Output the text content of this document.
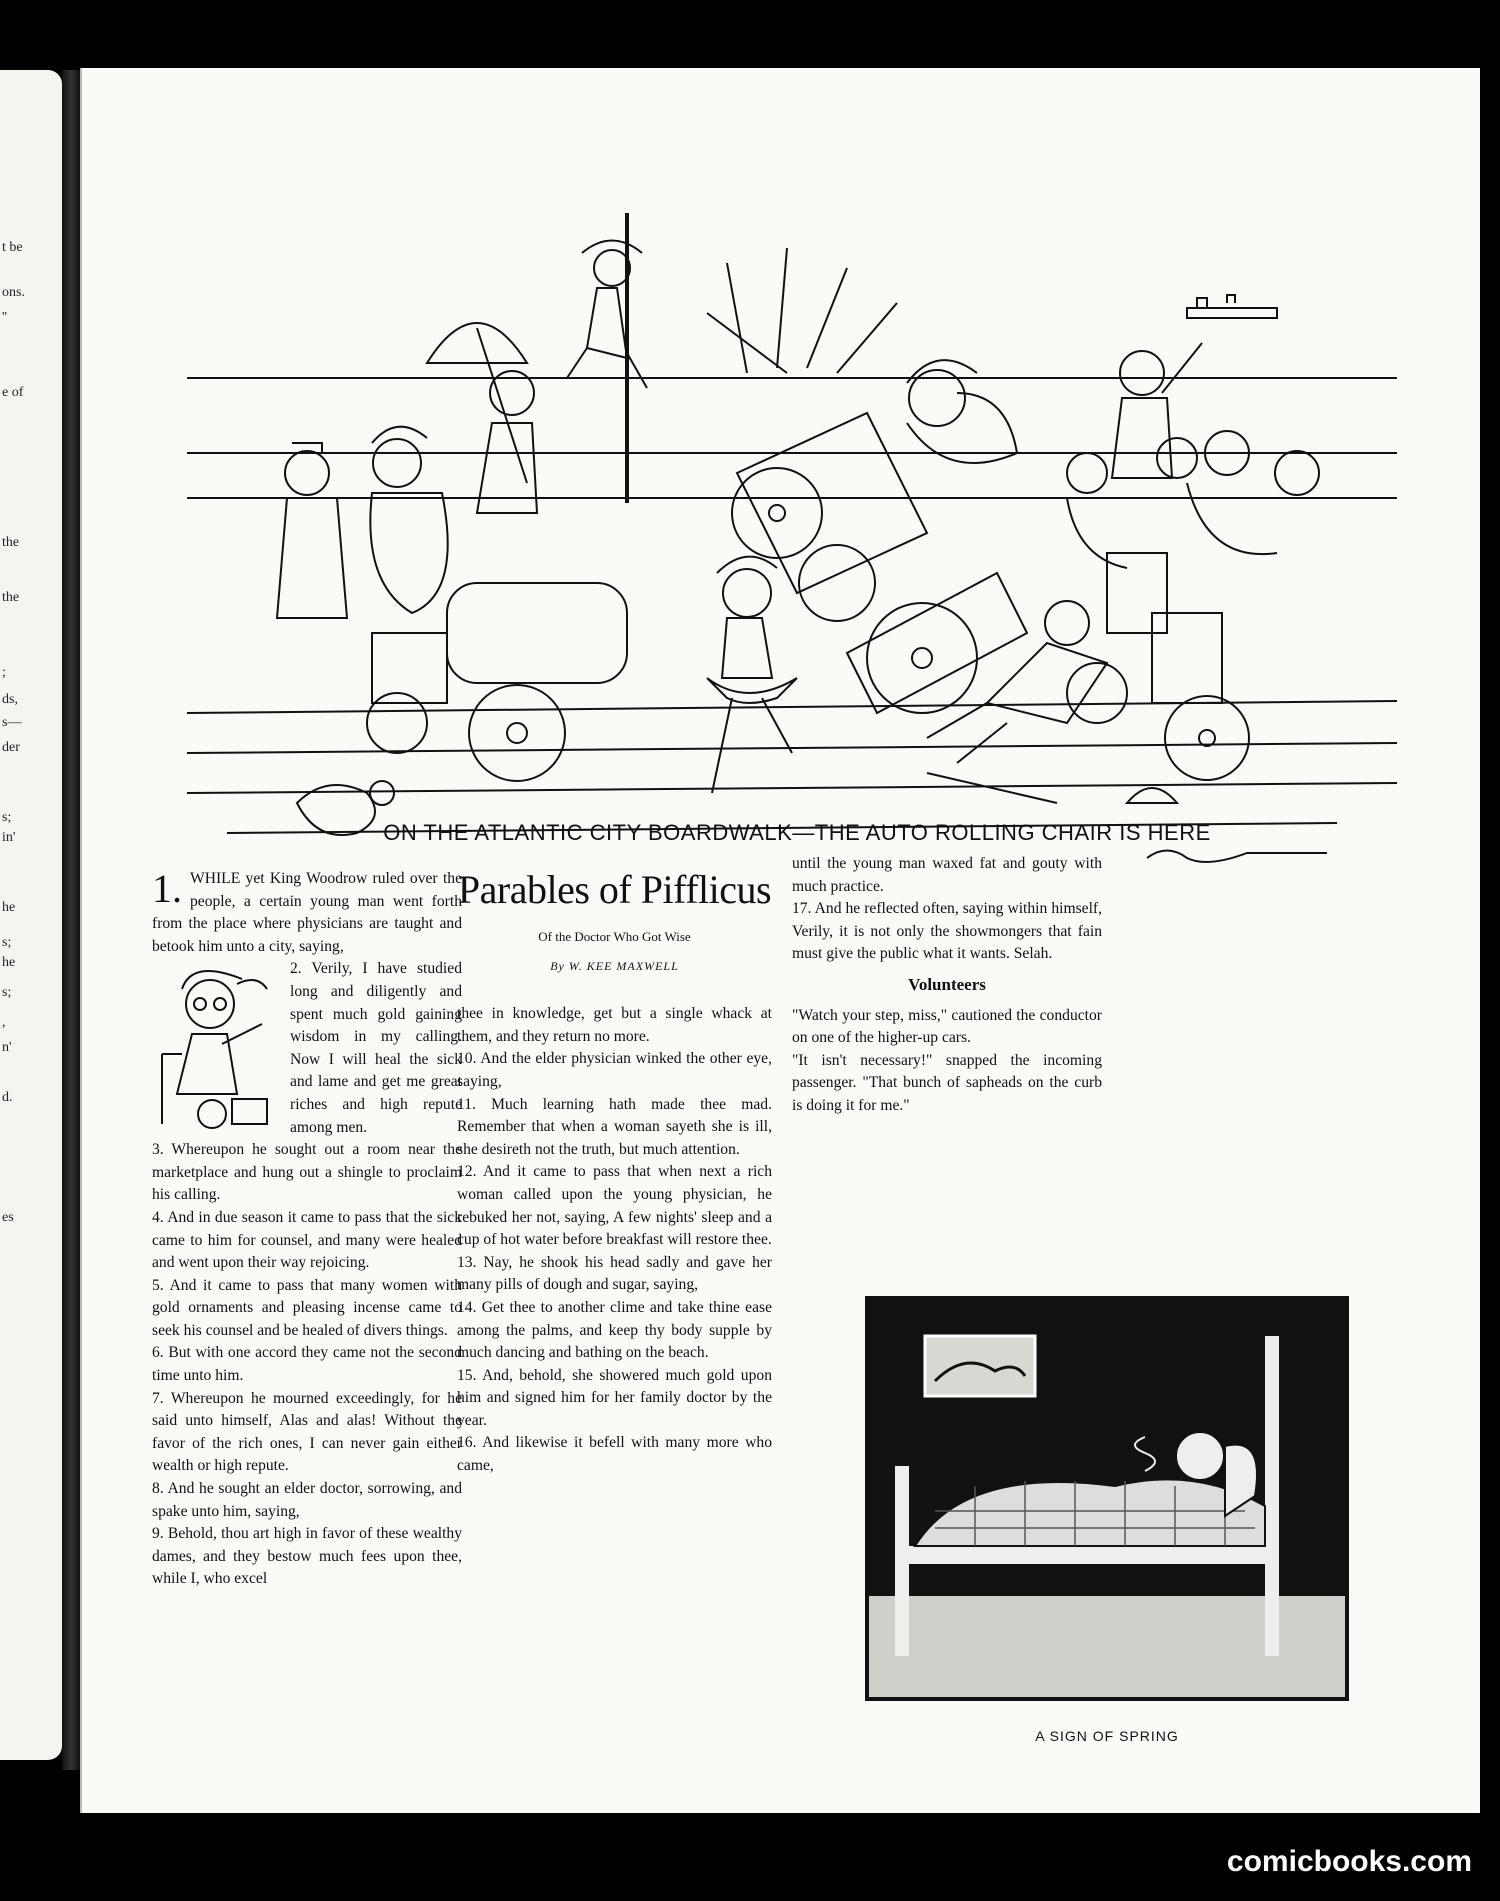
t be
ons.
''
e of
the
the
;
ds,
s—
der
s;
in'
he
s;
he
s;
,
n'
d.
es
ON THE ATLANTIC CITY BOARDWALK—THE AUTO ROLLING CHAIR IS HERE

1. WHILE yet King Woodrow ruled over the people, a certain young man went forth from the place where physicians are taught and betook him unto a city, saying,

2. Verily, I have studied long and diligently and spent much gold gaining wisdom in my calling. Now I will heal the sick and lame and get me great riches and high repute among men.

3. Whereupon he sought out a room near the marketplace and hung out a shingle to proclaim his calling.

4. And in due season it came to pass that the sick came to him for counsel, and many were healed and went upon their way rejoicing.

5. And it came to pass that many women with gold ornaments and pleasing incense came to seek his counsel and be healed of divers things.

6. But with one accord they came not the second time unto him.

7. Whereupon he mourned exceedingly, for he said unto himself, Alas and alas! Without the favor of the rich ones, I can never gain either wealth or high repute.

8. And he sought an elder doctor, sorrowing, and spake unto him, saying,

9. Behold, thou art high in favor of these wealthy dames, and they bestow much fees upon thee, while I, who excel

Parables of Pifflicus
Of the Doctor Who Got Wise
By W. KEE MAXWELL

thee in knowledge, get but a single whack at them, and they return no more.

10. And the elder physician winked the other eye, saying,

11. Much learning hath made thee mad. Remember that when a woman sayeth she is ill, she desireth not the truth, but much attention.

12. And it came to pass that when next a rich woman called upon the young physician, he rebuked her not, saying, A few nights' sleep and a cup of hot water before breakfast will restore thee.

13. Nay, he shook his head sadly and gave her many pills of dough and sugar, saying,

14. Get thee to another clime and take thine ease among the palms, and keep thy body supple by much dancing and bathing on the beach.

15. And, behold, she showered much gold upon him and signed him for her family doctor by the year.

16. And likewise it befell with many more who came,

until the young man waxed fat and gouty with much practice.

17. And he reflected often, saying within himself, Verily, it is not only the showmongers that fain must give the public what it wants. Selah.

Volunteers

"Watch your step, miss," cautioned the conductor on one of the higher-up cars.

"It isn't necessary!" snapped the incoming passenger. "That bunch of sapheads on the curb is doing it for me."

A SIGN OF SPRING
comicbooks.com
